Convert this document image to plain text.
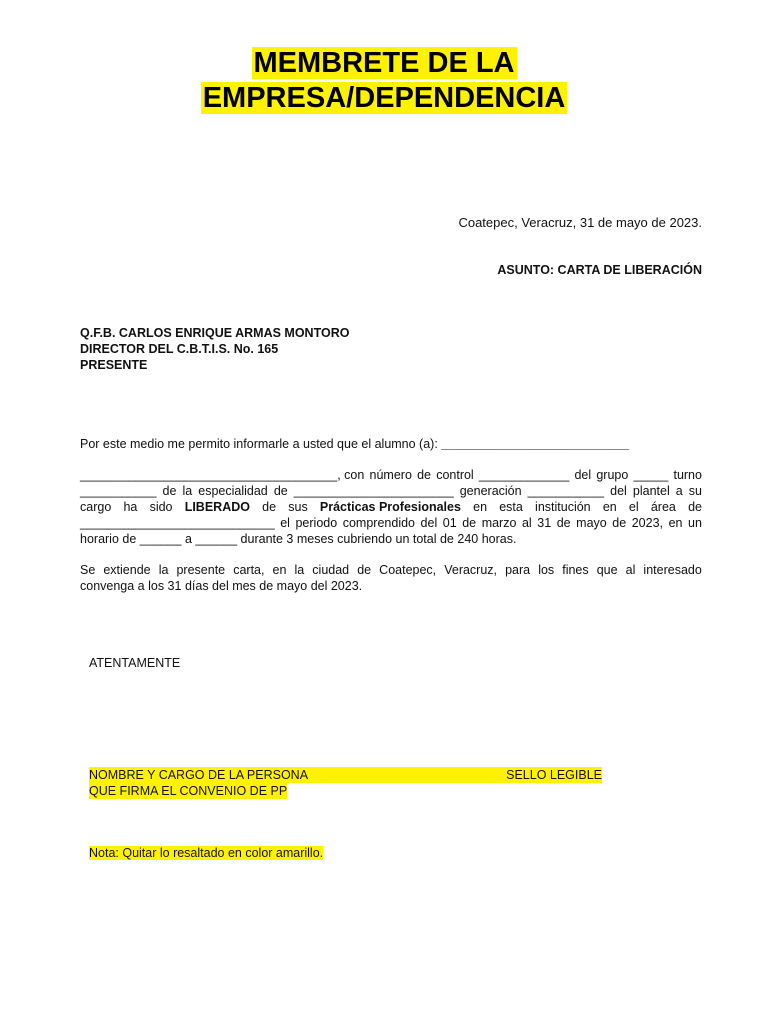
MEMBRETE DE LA
EMPRESA/DEPENDENCIA
Coatepec, Veracruz, 31 de mayo de 2023.
ASUNTO: CARTA DE LIBERACIÓN
Q.F.B. CARLOS ENRIQUE ARMAS MONTORO
DIRECTOR DEL C.B.T.I.S. No. 165
PRESENTE
Por este medio me permito informarle a usted que el alumno (a): ___________________________
_____________________________________, con número de control _____________ del grupo _____ turno
___________ de la especialidad de _______________________ generación ___________ del plantel a su
cargo ha sido LIBERADO de sus Prácticas Profesionales en esta institución en el área de
____________________________ el periodo comprendido del 01 de marzo al 31 de mayo de 2023, en un
horario de ______ a ______ durante 3 meses cubriendo un total de 240 horas.
Se extiende la presente carta, en la ciudad de Coatepec, Veracruz, para los fines que al interesado
convenga a los 31 días del mes de mayo del 2023.
ATENTAMENTE
NOMBRE Y CARGO DE LA PERSONA	SELLO LEGIBLE
QUE FIRMA EL CONVENIO DE PP
Nota: Quitar lo resaltado en color amarillo.
